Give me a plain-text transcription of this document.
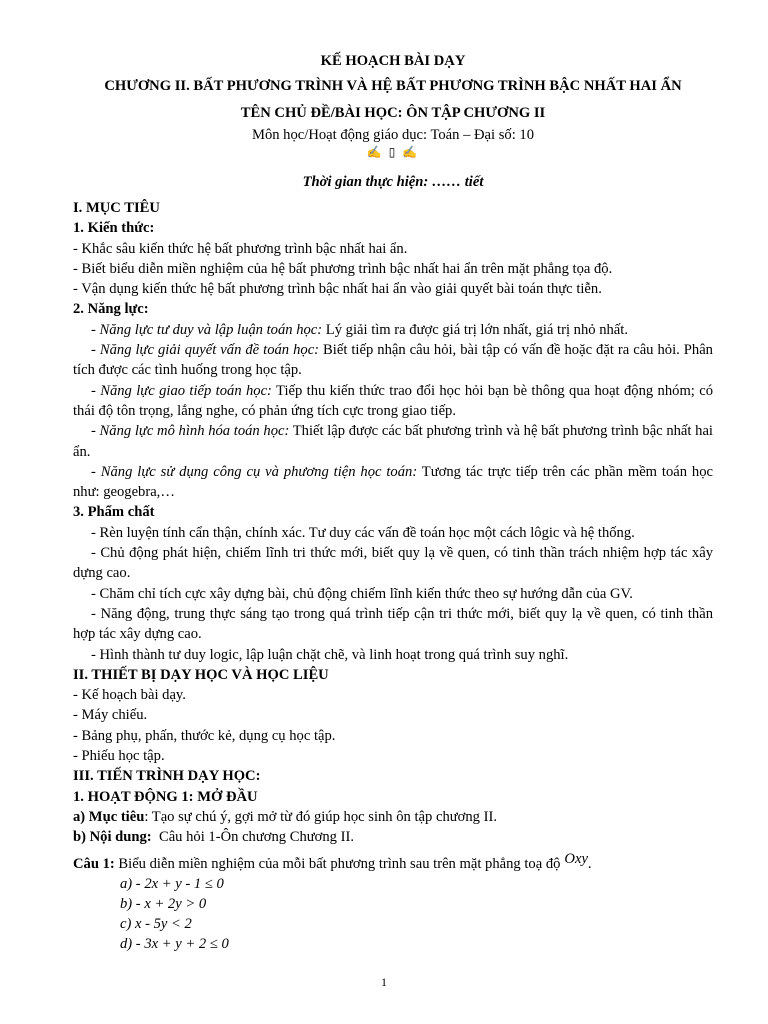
KẾ HOẠCH BÀI DẠY

CHƯƠNG II. BẤT PHƯƠNG TRÌNH VÀ HỆ BẤT PHƯƠNG TRÌNH BẬC NHẤT HAI ẨN

TÊN CHỦ ĐỀ/BÀI HỌC: ÔN TẬP CHƯƠNG II

Môn học/Hoạt động giáo dục: Toán – Đại số: 10

✍ ▯ ✍

Thời gian thực hiện: …… tiết

I. MỤC TIÊU

1. Kiến thức:

- Khắc sâu kiến thức hệ bất phương trình bậc nhất hai ẩn.

- Biết biểu diễn miền nghiệm của hệ bất phương trình bậc nhất hai ẩn trên mặt phẳng tọa độ.

- Vận dụng kiến thức hệ bất phương trình bậc nhất hai ẩn vào giải quyết bài toán thực tiễn.

2. Năng lực:

- Năng lực tư duy và lập luận toán học: Lý giải tìm ra được giá trị lớn nhất, giá trị nhỏ nhất.

- Năng lực giải quyết vấn đề toán học: Biết tiếp nhận câu hỏi, bài tập có vấn đề hoặc đặt ra câu hỏi. Phân tích được các tình huống trong học tập.

- Năng lực giao tiếp toán học: Tiếp thu kiến thức trao đổi học hỏi bạn bè thông qua hoạt động nhóm; có thái độ tôn trọng, lắng nghe, có phản ứng tích cực trong giao tiếp.

- Năng lực mô hình hóa toán học: Thiết lập được các bất phương trình và hệ bất phương trình bậc nhất hai ẩn.

- Năng lực sử dụng công cụ và phương tiện học toán: Tương tác trực tiếp trên các phần mềm toán học như: geogebra,…

3. Phẩm chất

- Rèn luyện tính cẩn thận, chính xác. Tư duy các vấn đề toán học một cách lôgic và hệ thống.

- Chủ động phát hiện, chiếm lĩnh tri thức mới, biết quy lạ về quen, có tinh thần trách nhiệm hợp tác xây dựng cao.

- Chăm chỉ tích cực xây dựng bài, chủ động chiếm lĩnh kiến thức theo sự hướng dẫn của GV.

- Năng động, trung thực sáng tạo trong quá trình tiếp cận tri thức mới, biết quy lạ về quen, có tinh thần hợp tác xây dựng cao.

- Hình thành tư duy logic, lập luận chặt chẽ, và linh hoạt trong quá trình suy nghĩ.

II. THIẾT BỊ DẠY HỌC VÀ HỌC LIỆU

- Kế hoạch bài dạy.

- Máy chiếu.

- Bảng phụ, phấn, thước kẻ, dụng cụ học tập.

- Phiếu học tập.

III. TIẾN TRÌNH DẠY HỌC:

1. HOẠT ĐỘNG 1: MỞ ĐẦU

a) Mục tiêu: Tạo sự chú ý, gợi mở từ đó giúp học sinh ôn tập chương II.

b) Nội dung:  Câu hỏi 1-Ôn chương Chương II.

Câu 1: Biểu diễn miền nghiệm của mỗi bất phương trình sau trên mặt phẳng toạ độ Oxy.

a) - 2x + y - 1 ≤ 0

b) - x + 2y > 0

c) x - 5y < 2

d) - 3x + y + 2 ≤ 0

1
